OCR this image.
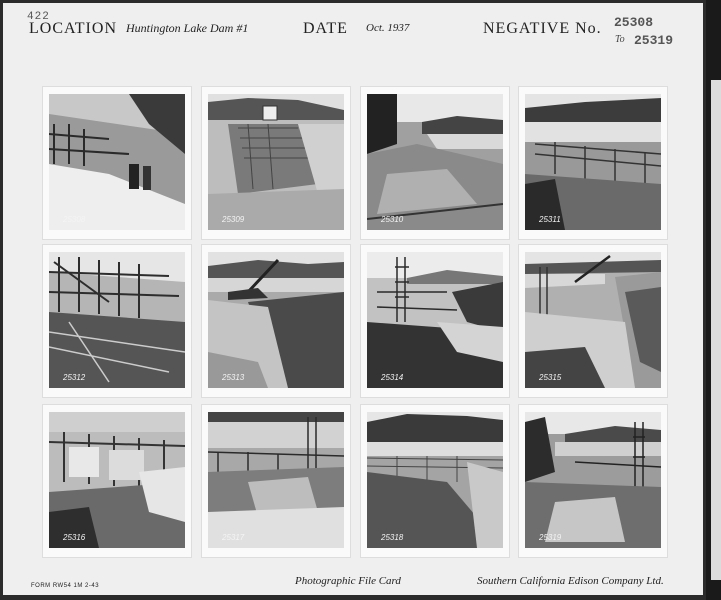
422
LOCATION Huntington Lake Dam #1	DATE Oct. 1937	NEGATIVE No. 25308
To 25319
25308	25309	25310	25311
25312	25313	25314	25315
25316	25317	25318	25319
FORM RW54 1M 2-43	Photographic File Card	Southern California Edison Company Ltd.
